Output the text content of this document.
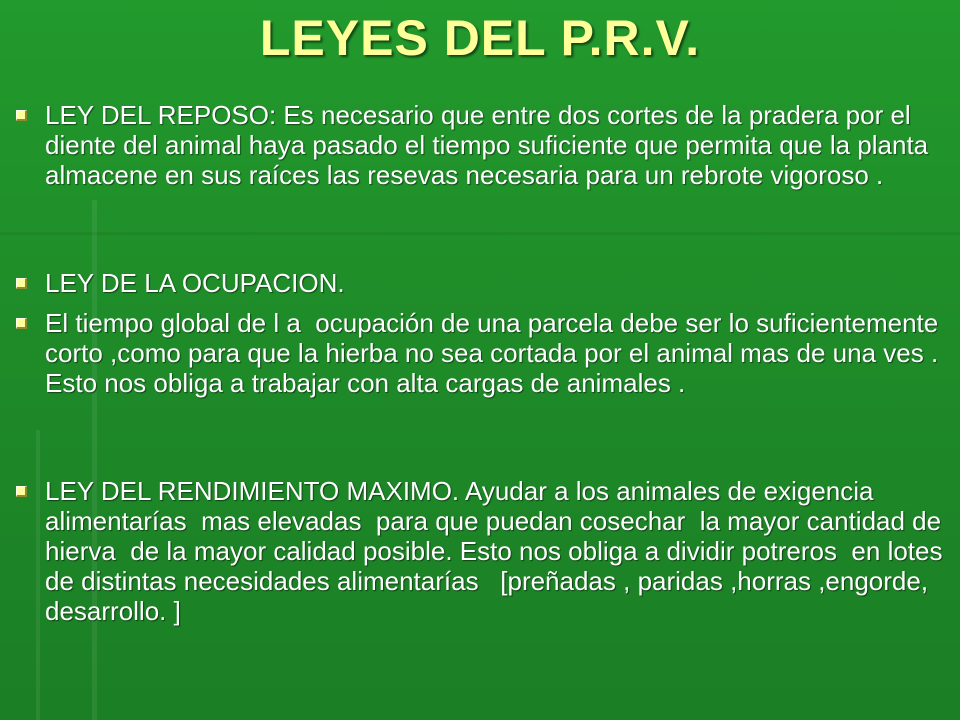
LEYES DEL P.R.V.
LEY DEL REPOSO: Es necesario que entre dos cortes de la pradera por el diente del animal haya pasado el tiempo suficiente que permita que la planta almacene en sus raíces las resevas necesaria para un rebrote vigoroso .
LEY DE LA OCUPACION.
El tiempo global de l a  ocupación de una parcela debe ser lo suficientemente corto ,como para que la hierba no sea cortada por el animal mas de una ves .  Esto nos obliga a trabajar con alta cargas de animales .
LEY DEL RENDIMIENTO MAXIMO. Ayudar a los animales de exigencia  alimentarías  mas elevadas  para que puedan cosechar  la mayor cantidad de hierva  de la mayor calidad posible. Esto nos obliga a dividir potreros  en lotes de distintas necesidades alimentarías   [preñadas , paridas ,horras ,engorde, desarrollo. ]
